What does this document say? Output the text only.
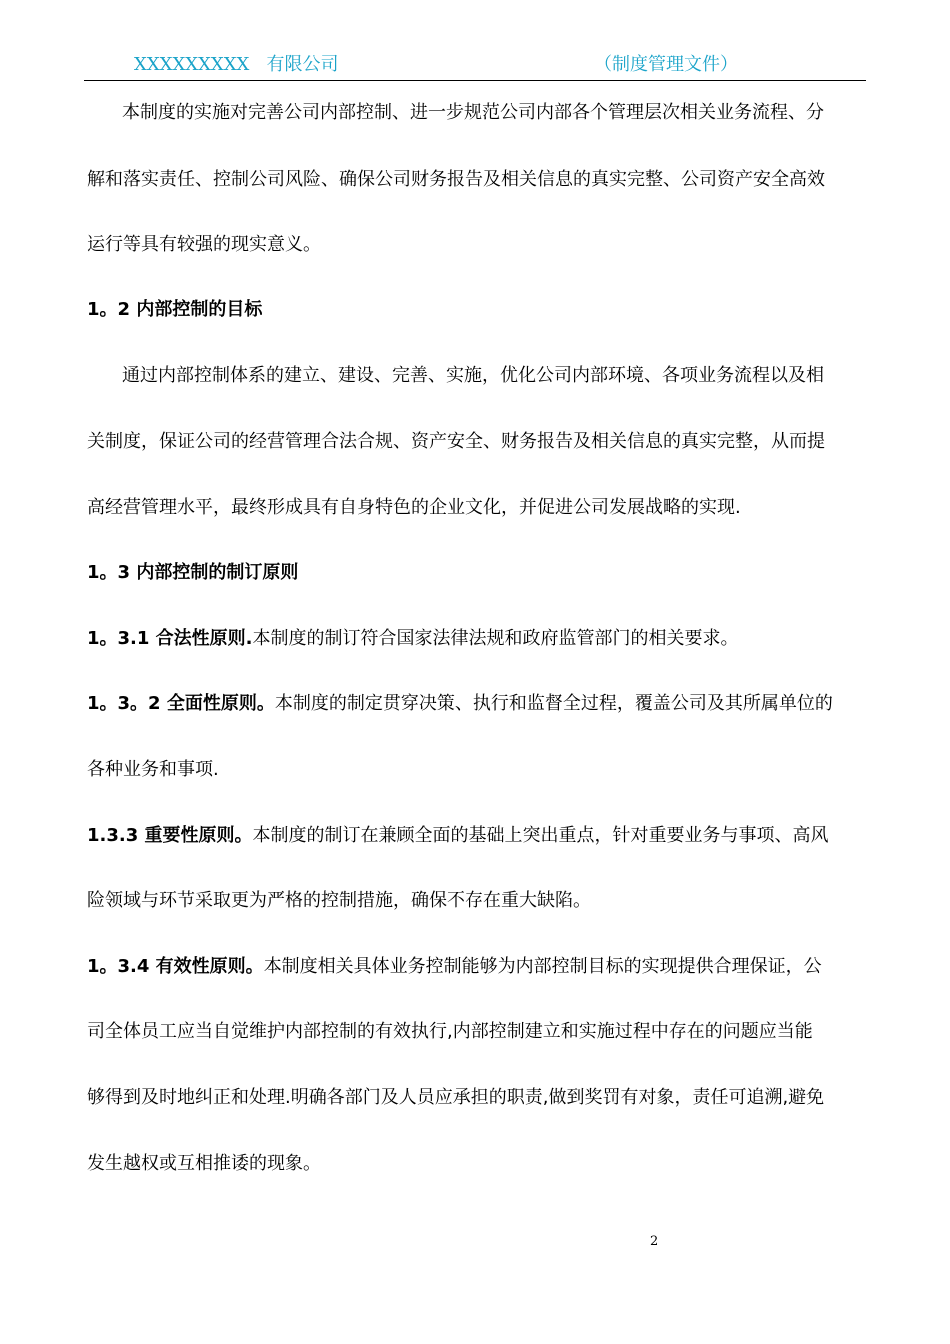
XXXXXXXXX   有限公司	（制度管理文件）
本制度的实施对完善公司内部控制、进一步规范公司内部各个管理层次相关业务流程、分
解和落实责任、控制公司风险、确保公司财务报告及相关信息的真实完整、公司资产安全高效
运行等具有较强的现实意义。
1。2 内部控制的目标
通过内部控制体系的建立、建设、完善、实施，优化公司内部环境、各项业务流程以及相
关制度，保证公司的经营管理合法合规、资产安全、财务报告及相关信息的真实完整，从而提
高经营管理水平，最终形成具有自身特色的企业文化，并促进公司发展战略的实现.
1。3 内部控制的制订原则
1。3.1 合法性原则.本制度的制订符合国家法律法规和政府监管部门的相关要求。
1。3。2 全面性原则。本制度的制定贯穿决策、执行和监督全过程，覆盖公司及其所属单位的
各种业务和事项.
1.3.3 重要性原则。本制度的制订在兼顾全面的基础上突出重点，针对重要业务与事项、高风
险领域与环节采取更为严格的控制措施，确保不存在重大缺陷。
1。3.4 有效性原则。本制度相关具体业务控制能够为内部控制目标的实现提供合理保证，公
司全体员工应当自觉维护内部控制的有效执行,内部控制建立和实施过程中存在的问题应当能
够得到及时地纠正和处理.明确各部门及人员应承担的职责,做到奖罚有对象，责任可追溯,避免
发生越权或互相推诿的现象。
2
